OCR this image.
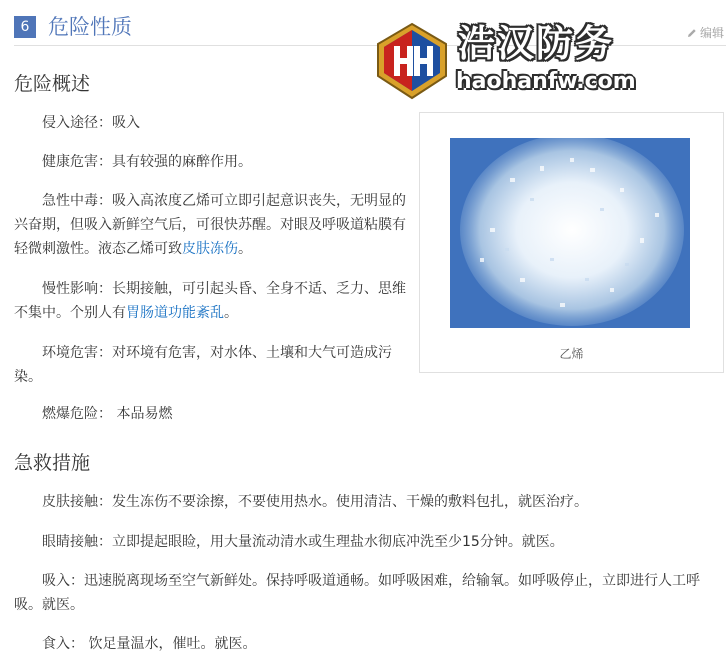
6 危险性质	编辑
浩汉防务
haohanfw.com
危险概述

侵入途径：吸入

健康危害：具有较强的麻醉作用。

急性中毒：吸入高浓度乙烯可立即引起意识丧失，无明显的兴奋期，但吸入新鲜空气后，可很快苏醒。对眼及呼吸道粘膜有轻微刺激性。液态乙烯可致皮肤冻伤。

慢性影响：长期接触，可引起头昏、全身不适、乏力、思维不集中。个别人有胃肠道功能紊乱。

环境危害：对环境有危害，对水体、土壤和大气可造成污染。

燃爆危险： 本品易燃

乙烯
急救措施

皮肤接触：发生冻伤不要涂擦，不要使用热水。使用清洁、干燥的敷料包扎，就医治疗。

眼睛接触：立即提起眼睑，用大量流动清水或生理盐水彻底冲洗至少15分钟。就医。

吸入：迅速脱离现场至空气新鲜处。保持呼吸道通畅。如呼吸困难，给输氧。如呼吸停止，立即进行人工呼吸。就医。

食入： 饮足量温水，催吐。就医。
